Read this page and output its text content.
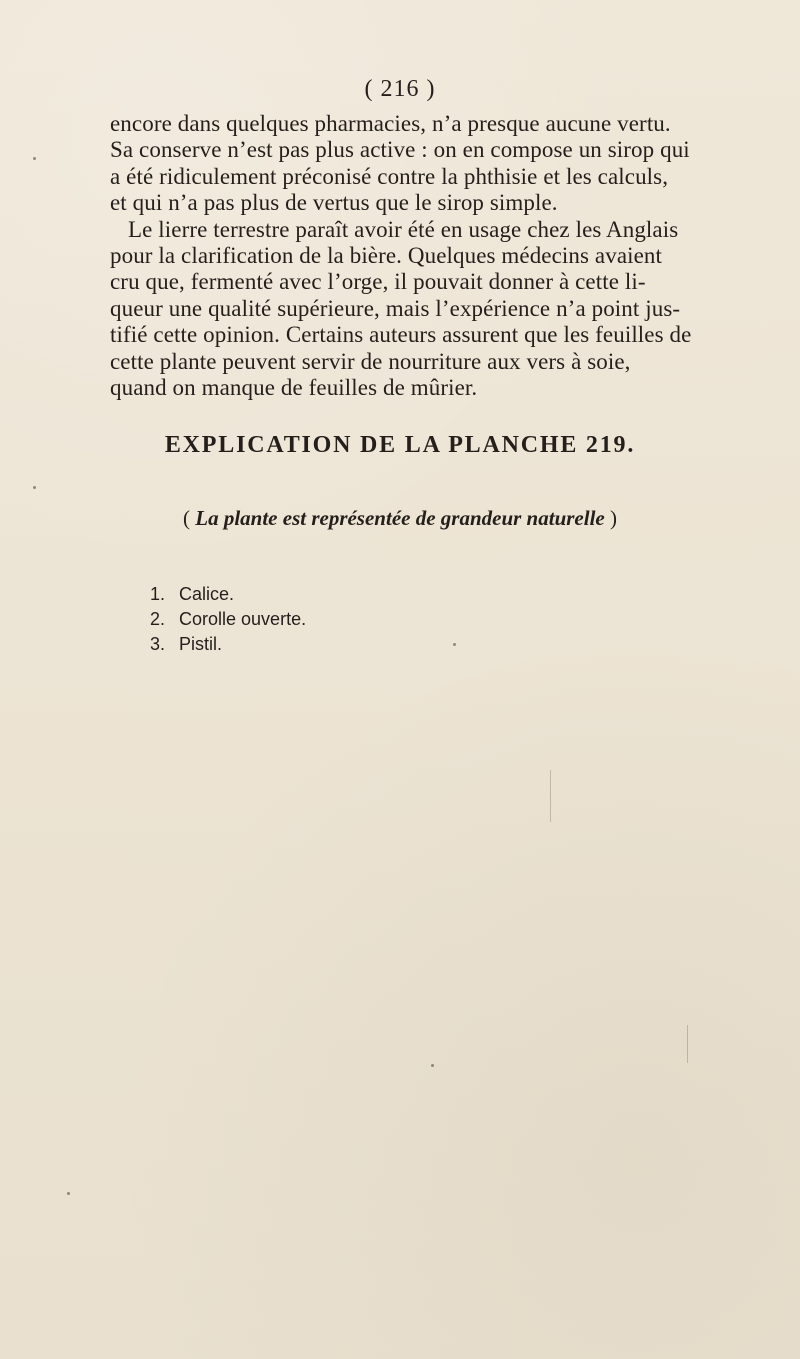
( 216 )

encore dans quelques pharmacies, n’a presque aucune vertu.
Sa conserve n’est pas plus active : on en compose un sirop qui
a été ridiculement préconisé contre la phthisie et les calculs,
et qui n’a pas plus de vertus que le sirop simple.

Le lierre terrestre paraît avoir été en usage chez les Anglais
pour la clarification de la bière. Quelques médecins avaient
cru que, fermenté avec l’orge, il pouvait donner à cette li-
queur une qualité supérieure, mais l’expérience n’a point jus-
tifié cette opinion. Certains auteurs assurent que les feuilles de
cette plante peuvent servir de nourriture aux vers à soie,
quand on manque de feuilles de mûrier.

EXPLICATION DE LA PLANCHE 219.
( La plante est représentée de grandeur naturelle )
1. Calice.
2. Corolle ouverte.
3. Pistil.
